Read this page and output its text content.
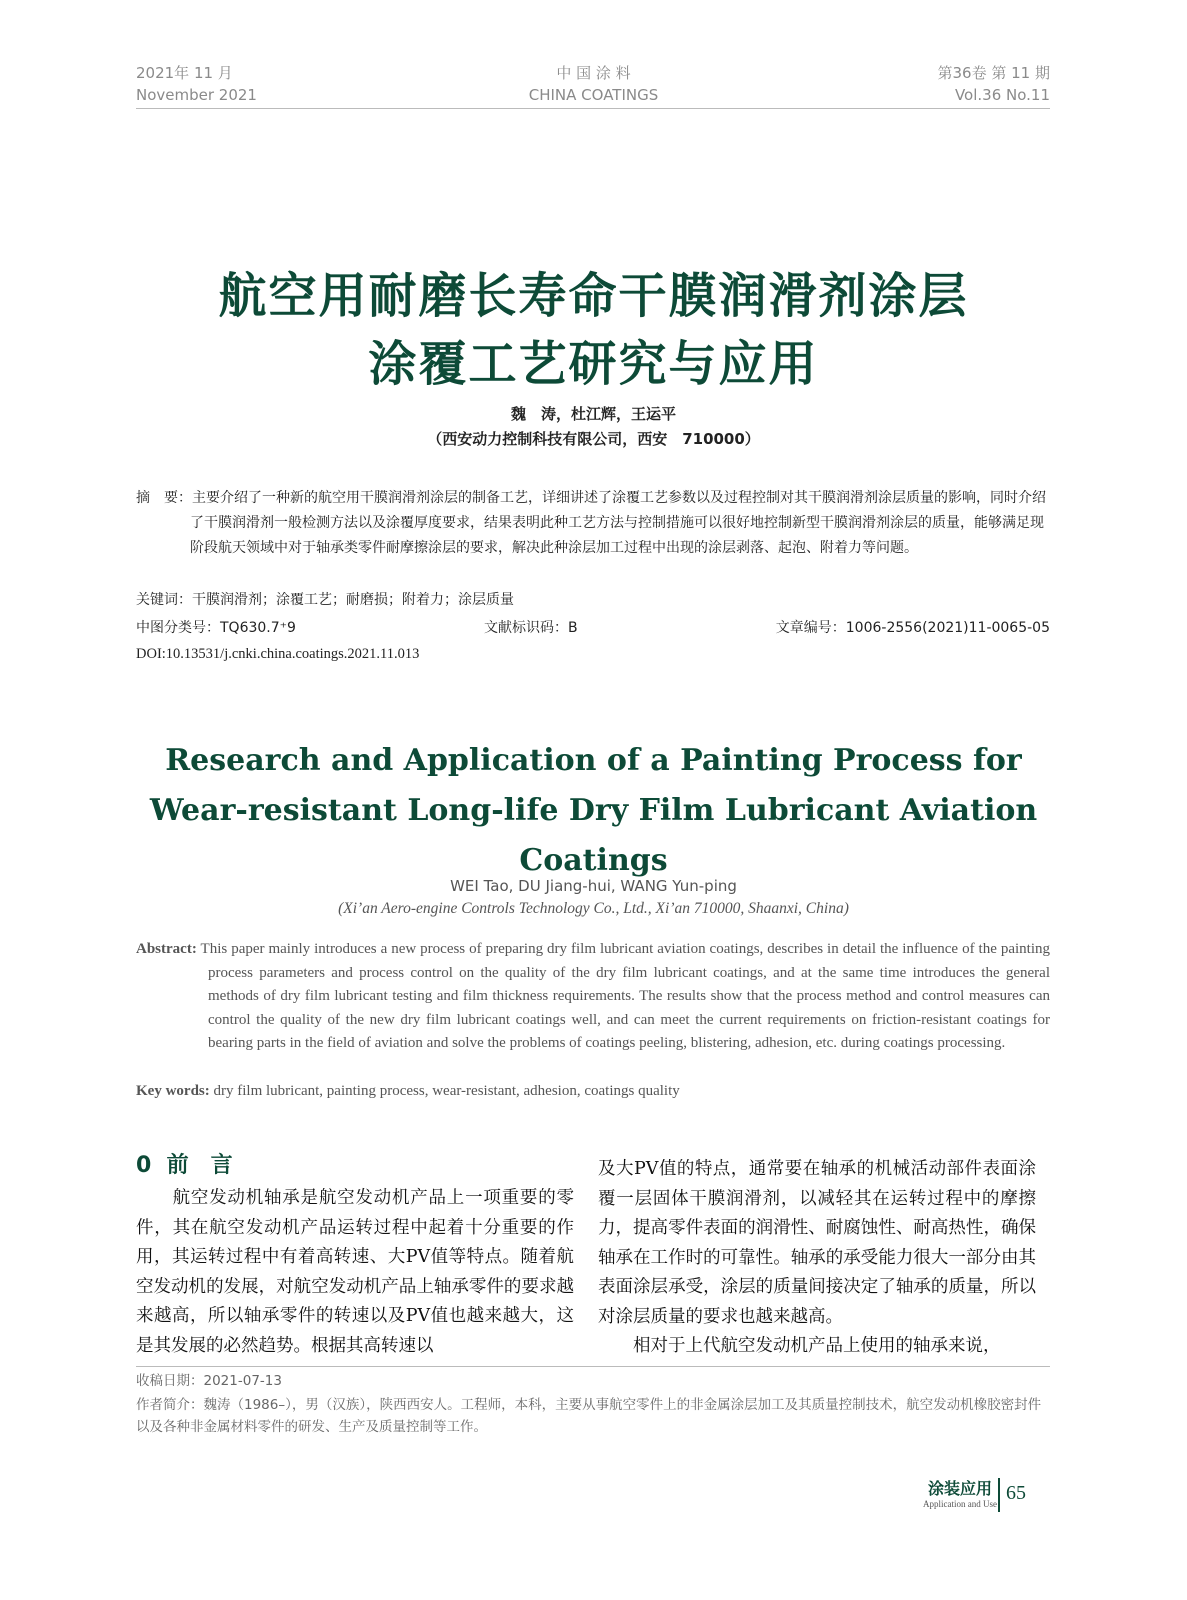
2021年 11 月
November 2021
中 国 涂 料
CHINA COATINGS
第36卷 第 11 期
Vol.36 No.11
航空用耐磨长寿命干膜润滑剂涂层
涂覆工艺研究与应用
魏　涛，杜江辉，王运平
（西安动力控制科技有限公司，西安　710000）
摘　要：主要介绍了一种新的航空用干膜润滑剂涂层的制备工艺，详细讲述了涂覆工艺参数以及过程控制对其干膜润滑剂涂层质量的影响，同时介绍了干膜润滑剂一般检测方法以及涂覆厚度要求，结果表明此种工艺方法与控制措施可以很好地控制新型干膜润滑剂涂层的质量，能够满足现阶段航天领域中对于轴承类零件耐摩擦涂层的要求，解决此种涂层加工过程中出现的涂层剥落、起泡、附着力等问题。
关键词：干膜润滑剂；涂覆工艺；耐磨损；附着力；涂层质量
中图分类号：TQ630.7⁺9	文献标识码：B	文章编号：1006-2556(2021)11-0065-05
DOI:10.13531/j.cnki.china.coatings.2021.11.013
Research and Application of a Painting Process for
Wear-resistant Long-life Dry Film Lubricant Aviation
Coatings
WEI Tao, DU Jiang-hui, WANG Yun-ping
(Xi’an Aero-engine Controls Technology Co., Ltd., Xi’an 710000, Shaanxi, China)
Abstract: This paper mainly introduces a new process of preparing dry film lubricant aviation coatings, describes in detail the influence of the painting process parameters and process control on the quality of the dry film lubricant coatings, and at the same time introduces the general methods of dry film lubricant testing and film thickness requirements. The results show that the process method and control measures can control the quality of the new dry film lubricant coatings well, and can meet the current requirements on friction-resistant coatings for bearing parts in the field of aviation and solve the problems of coatings peeling, blistering, adhesion, etc. during coatings processing.
Key words: dry film lubricant, painting process, wear-resistant, adhesion, coatings quality
0  前　言
　　航空发动机轴承是航空发动机产品上一项重要的零件，其在航空发动机产品运转过程中起着十分重要的作用，其运转过程中有着高转速、大PV值等特点。随着航空发动机的发展，对航空发动机产品上轴承零件的要求越来越高，所以轴承零件的转速以及PV值也越来越大，这是其发展的必然趋势。根据其高转速以
及大PV值的特点，通常要在轴承的机械活动部件表面涂覆一层固体干膜润滑剂，以减轻其在运转过程中的摩擦力，提高零件表面的润滑性、耐腐蚀性、耐高热性，确保轴承在工作时的可靠性。轴承的承受能力很大一部分由其表面涂层承受，涂层的质量间接决定了轴承的质量，所以对涂层质量的要求也越来越高。
　　相对于上代航空发动机产品上使用的轴承来说，
收稿日期：2021-07-13
作者简介：魏涛（1986–），男（汉族），陕西西安人。工程师，本科，主要从事航空零件上的非金属涂层加工及其质量控制技术，航空发动机橡胶密封件以及各种非金属材料零件的研发、生产及质量控制等工作。
涂装应用
Application and Use 65
